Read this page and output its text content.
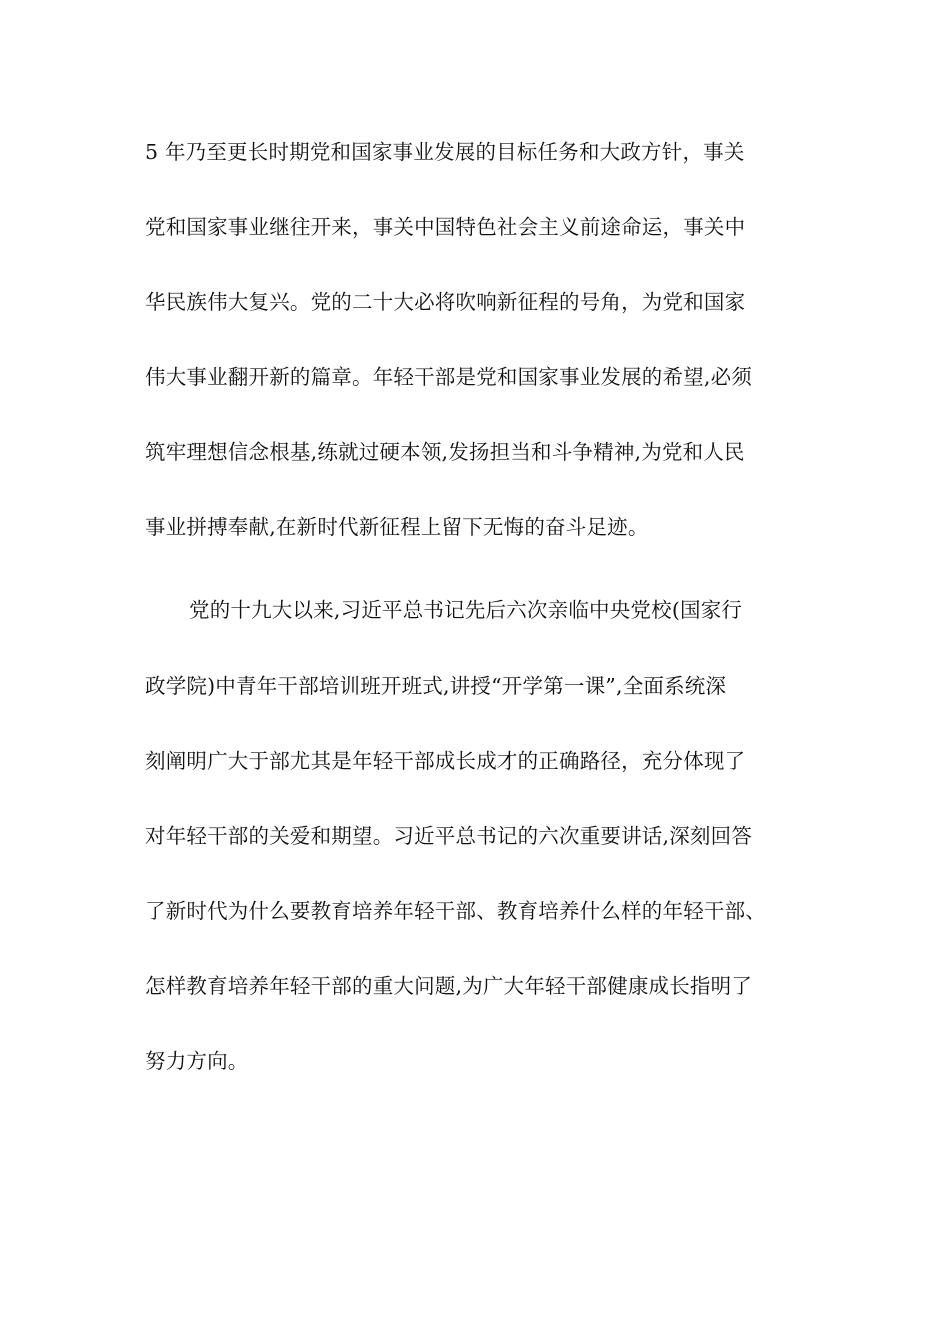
5 年乃至更长时期党和国家事业发展的目标任务和大政方针，事关
党和国家事业继往开来，事关中国特色社会主义前途命运，事关中
华民族伟大复兴。党的二十大必将吹响新征程的号角，为党和国家
伟大事业翻开新的篇章。年轻干部是党和国家事业发展的希望,必须
筑牢理想信念根基,练就过硬本领,发扬担当和斗争精神,为党和人民
事业拼搏奉献,在新时代新征程上留下无悔的奋斗足迹。
党的十九大以来,习近平总书记先后六次亲临中央党校(国家行
政学院)中青年干部培训班开班式,讲授“开学第一课”,全面系统深
刻阐明广大于部尤其是年轻干部成长成才的正确路径，充分体现了
对年轻干部的关爱和期望。习近平总书记的六次重要讲话,深刻回答
了新时代为什么要教育培养年轻干部、教育培养什么样的年轻干部、
怎样教育培养年轻干部的重大问题,为广大年轻干部健康成长指明了
努力方向。
